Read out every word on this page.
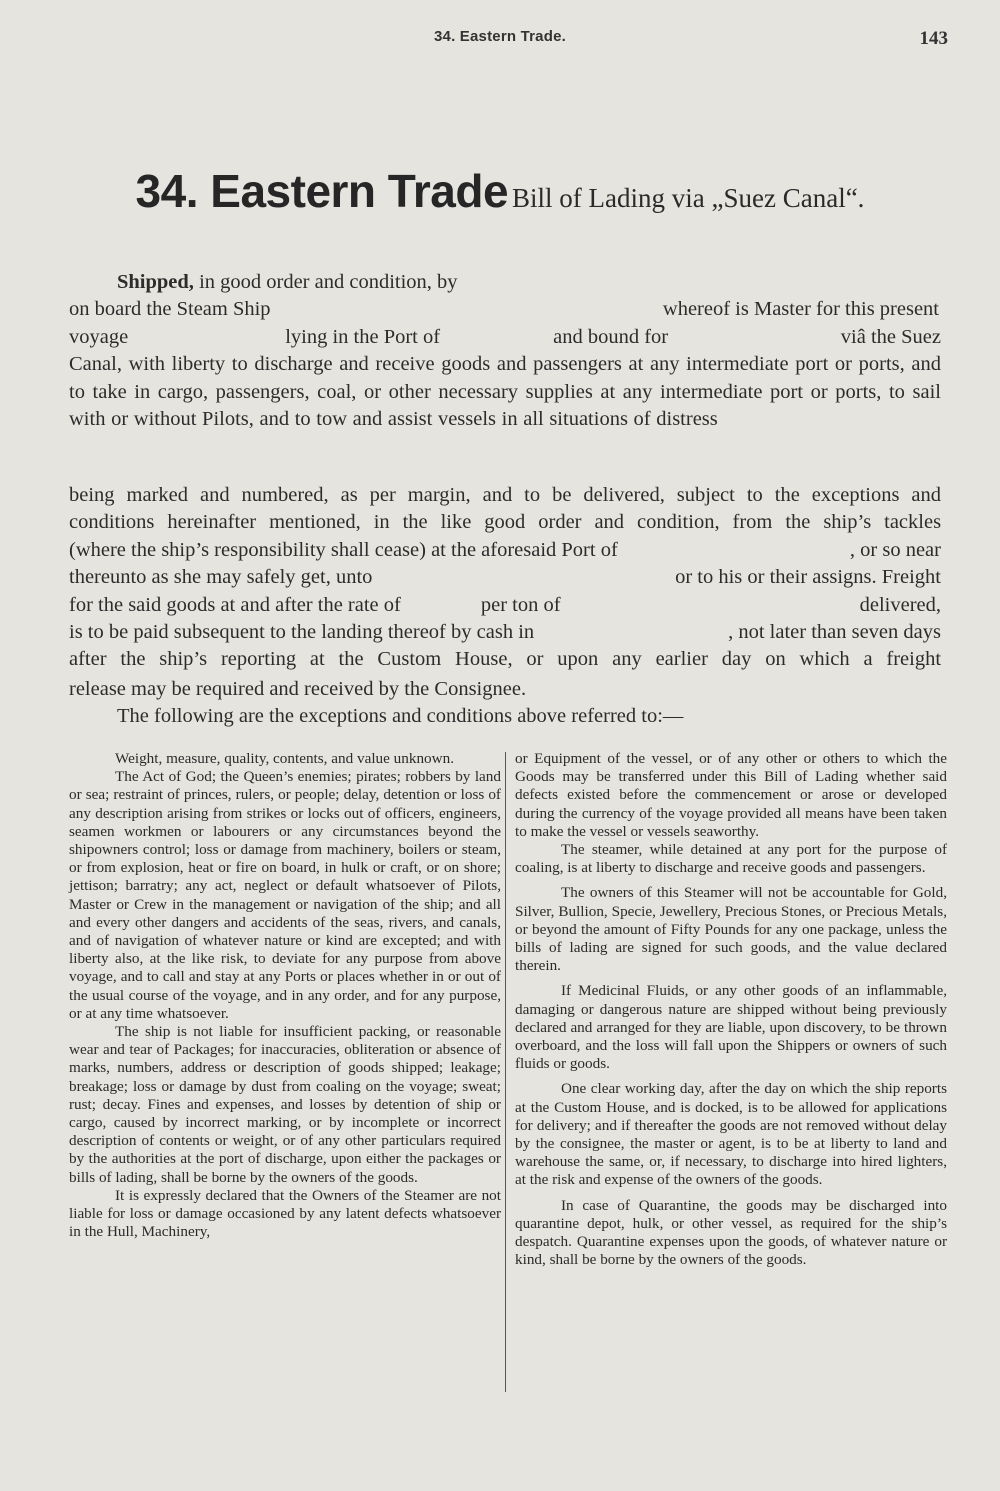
34. Eastern Trade.	143
34. Eastern Trade Bill of Lading via „Suez Canal“.
Shipped,
in good order and condition, by
on board the Steam Ship	whereof is Master for this present
voyage	lying in the Port of	and bound for	viâ the Suez
Canal, with liberty to discharge and receive goods and passengers at any intermediate port or ports, and to take in cargo, passengers, coal, or other necessary supplies at any intermediate port or ports, to sail with or without Pilots, and to tow and assist vessels in all situations of distress
being marked and numbered, as per margin, and to be delivered, subject to the exceptions and
conditions hereinafter mentioned, in the like good order and condition, from the ship’s tackles
(where the ship’s responsibility shall cease) at the aforesaid Port of	, or so near
thereunto as she may safely get, unto	or to his or their assigns. Freight
for the said goods at and after the rate of	per ton of	delivered,
is to be paid subsequent to the landing thereof by cash in	, not later than seven days
after the ship’s reporting at the Custom House, or upon any earlier day on which a freight
release may be required and received by the Consignee.
The following are the exceptions and conditions above referred to:—

Weight, measure, quality, contents, and value unknown.

The Act of God; the Queen’s enemies; pirates; robbers by land or sea; restraint of princes, rulers, or people; delay, detention or loss of any description arising from strikes or locks out of officers, engineers, seamen workmen or labourers or any circumstances beyond the shipowners control; loss or damage from machinery, boilers or steam, or from explosion, heat or fire on board, in hulk or craft, or on shore; jettison; barratry; any act, neglect or default whatsoever of Pilots, Master or Crew in the management or navigation of the ship; and all and every other dangers and accidents of the seas, rivers, and canals, and of navigation of whatever nature or kind are excepted; and with liberty also, at the like risk, to deviate for any purpose from above voyage, and to call and stay at any Ports or places whether in or out of the usual course of the voyage, and in any order, and for any purpose, or at any time whatsoever.

The ship is not liable for insufficient packing, or reasonable wear and tear of Packages; for inaccuracies, obliteration or absence of marks, numbers, address or description of goods shipped; leakage; breakage; loss or damage by dust from coaling on the voyage; sweat; rust; decay. Fines and expenses, and losses by detention of ship or cargo, caused by incorrect marking, or by incomplete or incorrect description of contents or weight, or of any other particulars required by the authorities at the port of discharge, upon either the packages or bills of lading, shall be borne by the owners of the goods.

It is expressly declared that the Owners of the Steamer are not liable for loss or damage occasioned by any latent defects whatsoever in the Hull, Machinery,

or Equipment of the vessel, or of any other or others to which the Goods may be transferred under this Bill of Lading whether said defects existed before the commencement or arose or developed during the currency of the voyage provided all means have been taken to make the vessel or vessels seaworthy.

The steamer, while detained at any port for the purpose of coaling, is at liberty to discharge and receive goods and passengers.

The owners of this Steamer will not be accountable for Gold, Silver, Bullion, Specie, Jewellery, Precious Stones, or Precious Metals, or beyond the amount of Fifty Pounds for any one package, unless the bills of lading are signed for such goods, and the value declared therein.

If Medicinal Fluids, or any other goods of an inflammable, damaging or dangerous nature are shipped without being previously declared and arranged for they are liable, upon discovery, to be thrown overboard, and the loss will fall upon the Shippers or owners of such fluids or goods.

One clear working day, after the day on which the ship reports at the Custom House, and is docked, is to be allowed for applications for delivery; and if thereafter the goods are not removed without delay by the consignee, the master or agent, is to be at liberty to land and warehouse the same, or, if necessary, to discharge into hired lighters, at the risk and expense of the owners of the goods.

In case of Quarantine, the goods may be discharged into quarantine depot, hulk, or other vessel, as required for the ship’s despatch. Quarantine expenses upon the goods, of whatever nature or kind, shall be borne by the owners of the goods.
